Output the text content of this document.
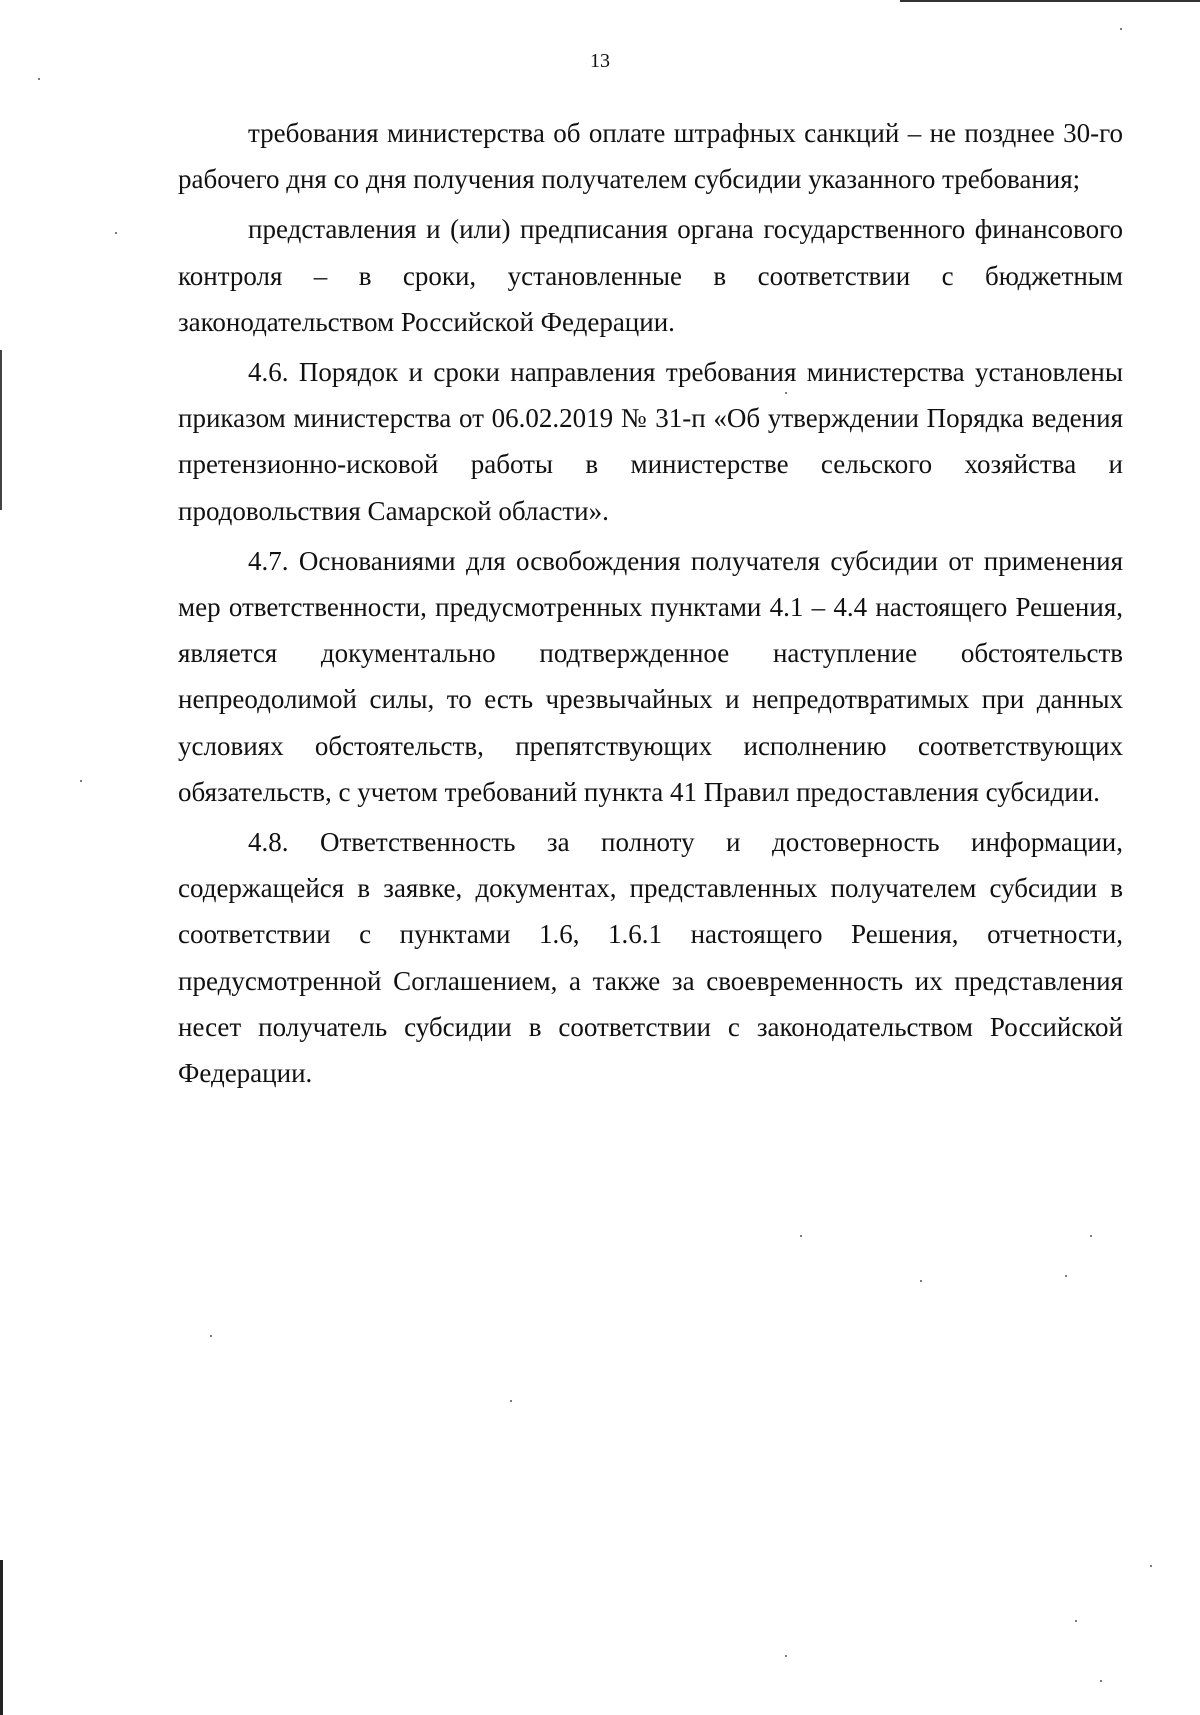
13

требования министерства об оплате штрафных санкций – не позднее 30-го рабочего дня со дня получения получателем субсидии указанного требования;

представления и (или) предписания органа государственного финансового контроля – в сроки, установленные в соответствии с бюджетным законодательством Российской Федерации.

4.6. Порядок и сроки направления требования министерства установлены приказом министерства от 06.02.2019 № 31-п «Об утверждении Порядка ведения претензионно-исковой работы в министерстве сельского хозяйства и продовольствия Самарской области».

4.7. Основаниями для освобождения получателя субсидии от применения мер ответственности, предусмотренных пунктами 4.1 – 4.4 настоящего Решения, является документально подтвержденное наступление обстоятельств непреодолимой силы, то есть чрезвычайных и непредотвратимых при данных условиях обстоятельств, препятствующих исполнению соответствующих обязательств, с учетом требований пункта 41 Правил предоставления субсидии.

4.8. Ответственность за полноту и достоверность информации, содержащейся в заявке, документах, представленных получателем субсидии в соответствии с пунктами 1.6, 1.6.1 настоящего Решения, отчетности, предусмотренной Соглашением, а также за своевременность их представления несет получатель субсидии в соответствии с законодательством Российской Федерации.
